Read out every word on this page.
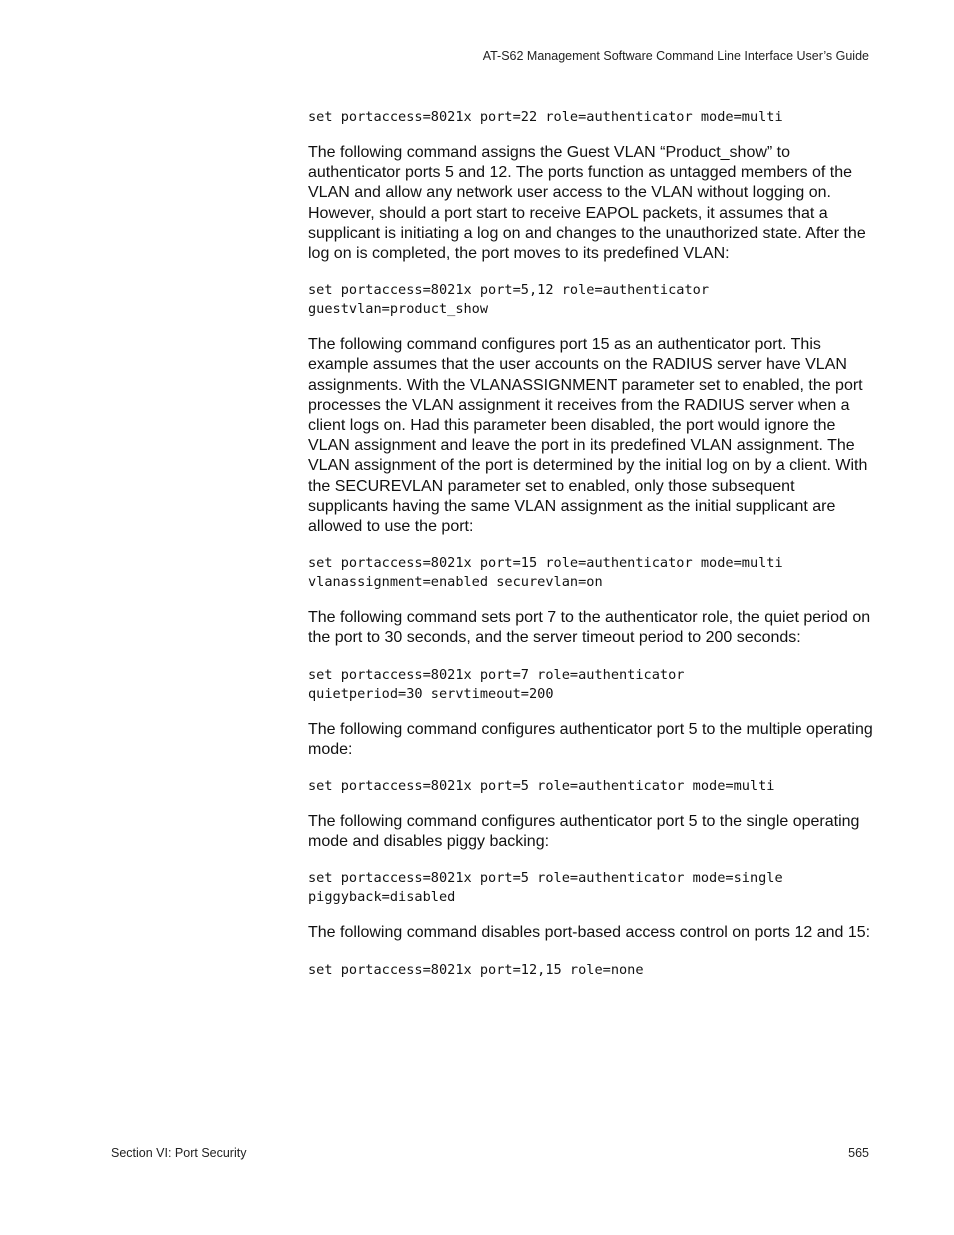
AT-S62 Management Software Command Line Interface User’s Guide
set portaccess=8021x port=22 role=authenticator mode=multi

The following command assigns the Guest VLAN “Product_show” to authenticator ports 5 and 12. The ports function as untagged members of the VLAN and allow any network user access to the VLAN without logging on. However, should a port start to receive EAPOL packets, it assumes that a supplicant is initiating a log on and changes to the unauthorized state. After the log on is completed, the port moves to its predefined VLAN:

set portaccess=8021x port=5,12 role=authenticator
guestvlan=product_show

The following command configures port 15 as an authenticator port. This example assumes that the user accounts on the RADIUS server have VLAN assignments. With the VLANASSIGNMENT parameter set to enabled, the port processes the VLAN assignment it receives from the RADIUS server when a client logs on. Had this parameter been disabled, the port would ignore the VLAN assignment and leave the port in its predefined VLAN assignment. The VLAN assignment of the port is determined by the initial log on by a client. With the SECUREVLAN parameter set to enabled, only those subsequent supplicants having the same VLAN assignment as the initial supplicant are allowed to use the port:

set portaccess=8021x port=15 role=authenticator mode=multi
vlanassignment=enabled securevlan=on

The following command sets port 7 to the authenticator role, the quiet period on the port to 30 seconds, and the server timeout period to 200 seconds:

set portaccess=8021x port=7 role=authenticator
quietperiod=30 servtimeout=200

The following command configures authenticator port 5 to the multiple operating mode:

set portaccess=8021x port=5 role=authenticator mode=multi

The following command configures authenticator port 5 to the single operating mode and disables piggy backing:

set portaccess=8021x port=5 role=authenticator mode=single
piggyback=disabled

The following command disables port-based access control on ports 12 and 15:

set portaccess=8021x port=12,15 role=none
Section VI: Port Security	565
